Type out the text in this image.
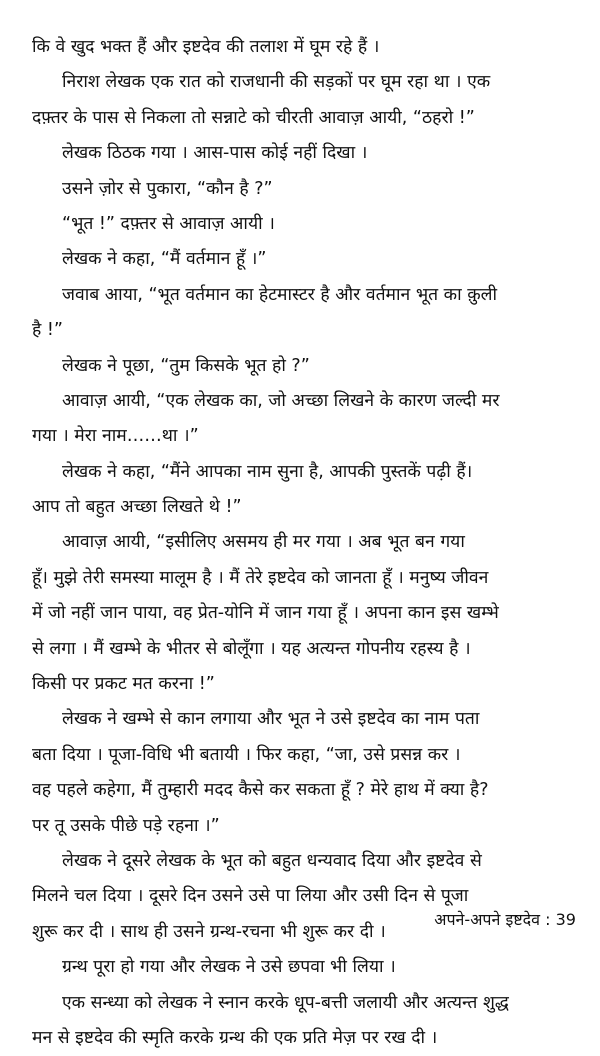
कि वे खुद भक्त हैं और इष्टदेव की तलाश में घूम रहे हैं ।
निराश लेखक एक रात को राजधानी की सड़कों पर घूम रहा था । एक
दफ़्तर के पास से निकला तो सन्नाटे को चीरती आवाज़ आयी, “ठहरो !”
लेखक ठिठक गया । आस-पास कोई नहीं दिखा ।
उसने ज़ोर से पुकारा, “कौन है ?”
“भूत !” दफ़्तर से आवाज़ आयी ।
लेखक ने कहा, “मैं वर्तमान हूँ ।”
जवाब आया, “भूत वर्तमान का हेटमास्टर है और वर्तमान भूत का क़ुली
है !”
लेखक ने पूछा, “तुम किसके भूत हो ?”
आवाज़ आयी, “एक लेखक का, जो अच्छा लिखने के कारण जल्दी मर
गया । मेरा नाम……था ।”
लेखक ने कहा, “मैंने आपका नाम सुना है, आपकी पुस्तकें पढ़ी हैं।
आप तो बहुत अच्छा लिखते थे !”
आवाज़ आयी, “इसीलिए असमय ही मर गया । अब भूत बन गया
हूँ। मुझे तेरी समस्या मालूम है । मैं तेरे इष्टदेव को जानता हूँ । मनुष्य जीवन
में जो नहीं जान पाया, वह प्रेत-योनि में जान गया हूँ । अपना कान इस खम्भे
से लगा । मैं खम्भे के भीतर से बोलूँगा । यह अत्यन्त गोपनीय रहस्य है ।
किसी पर प्रकट मत करना !”
लेखक ने खम्भे से कान लगाया और भूत ने उसे इष्टदेव का नाम पता
बता दिया । पूजा-विधि भी बतायी । फिर कहा, “जा, उसे प्रसन्न कर ।
वह पहले कहेगा, मैं तुम्हारी मदद कैसे कर सकता हूँ ? मेरे हाथ में क्या है?
पर तू उसके पीछे पड़े रहना ।”
लेखक ने दूसरे लेखक के भूत को बहुत धन्यवाद दिया और इष्टदेव से
मिलने चल दिया । दूसरे दिन उसने उसे पा लिया और उसी दिन से पूजा
शुरू कर दी । साथ ही उसने ग्रन्थ-रचना भी शुरू कर दी ।
ग्रन्थ पूरा हो गया और लेखक ने उसे छपवा भी लिया ।
एक सन्ध्या को लेखक ने स्नान करके धूप-बत्ती जलायी और अत्यन्त शुद्ध
मन से इष्टदेव की स्मृति करके ग्रन्थ की एक प्रति मेज़ पर रख दी ।
अपने-अपने इष्टदेव : 39
